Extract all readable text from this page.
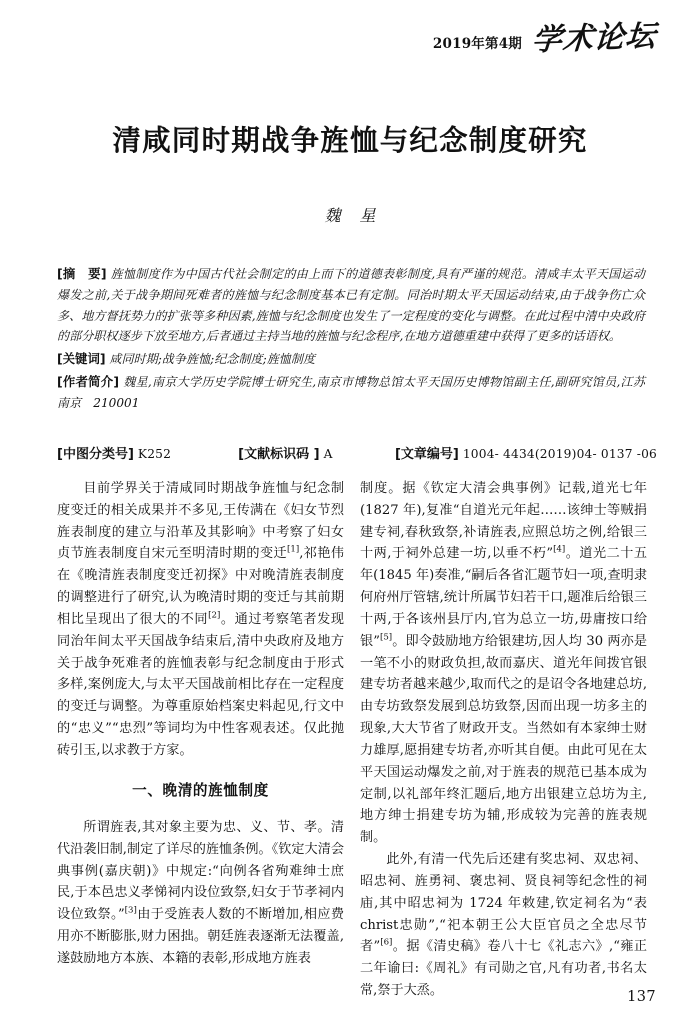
2019年第4期 学术论坛
清咸同时期战争旌恤与纪念制度研究
魏 星

[摘　要] 旌恤制度作为中国古代社会制定的由上而下的道德表彰制度,具有严谨的规范。清咸丰太平天国运动爆发之前,关于战争期间死难者的旌恤与纪念制度基本已有定制。同治时期太平天国运动结束,由于战争伤亡众多、地方督抚势力的扩张等多种因素,旌恤与纪念制度也发生了一定程度的变化与调整。在此过程中清中央政府的部分职权逐步下放至地方,后者通过主持当地的旌恤与纪念程序,在地方道德重建中获得了更多的话语权。

[关键词] 咸同时期;战争旌恤;纪念制度;旌恤制度

[作者简介] 魏星,南京大学历史学院博士研究生,南京市博物总馆太平天国历史博物馆副主任,副研究馆员,江苏　南京　210001

[中图分类号] K252	[文献标识码 ] A	[文章编号] 1004- 4434(2019)04- 0137 -06

目前学界关于清咸同时期战争旌恤与纪念制度变迁的相关成果并不多见,王传满在《妇女节烈旌表制度的建立与沿革及其影响》中考察了妇女贞节旌表制度自宋元至明清时期的变迁[1],祁艳伟在《晚清旌表制度变迁初探》中对晚清旌表制度的调整进行了研究,认为晚清时期的变迁与其前期相比呈现出了很大的不同[2]。通过考察笔者发现同治年间太平天国战争结束后,清中央政府及地方关于战争死难者的旌恤表彰与纪念制度由于形式多样,案例庞大,与太平天国战前相比存在一定程度的变迁与调整。为尊重原始档案史料起见,行文中的“忠义”“忠烈”等词均为中性客观表述。仅此抛砖引玉,以求教于方家。

一、晚清的旌恤制度

所谓旌表,其对象主要为忠、义、节、孝。清代沿袭旧制,制定了详尽的旌恤条例。《钦定大清会典事例(嘉庆朝)》中规定:“向例各省殉难绅士庶民,于本邑忠义孝悌祠内设位致祭,妇女于节孝祠内设位致祭。”[3]由于受旌表人数的不断增加,相应费用亦不断膨胀,财力困拙。朝廷旌表逐渐无法覆盖,遂鼓励地方本族、本籍的表彰,形成地方旌表

制度。据《钦定大清会典事例》记载,道光七年(1827 年),复准“自道光元年起……该绅士等贼捐建专祠,春秋致祭,补请旌表,应照总坊之例,给银三十两,于祠外总建一坊,以垂不朽”[4]。道光二十五年(1845 年)奏准,“嗣后各省汇题节妇一项,查明隶何府州厅管辖,统计所属节妇若干口,题准后给银三十两,于各该州县厅内,官为总立一坊,毋庸按口给银”[5]。即令鼓励地方给银建坊,因人均 30 两亦是一笔不小的财政负担,故而嘉庆、道光年间拨官银建专坊者越来越少,取而代之的是诏令各地建总坊,由专坊致祭发展到总坊致祭,因而出现一坊多主的现象,大大节省了财政开支。当然如有本家绅士财力雄厚,愿捐建专坊者,亦听其自便。由此可见在太平天国运动爆发之前,对于旌表的规范已基本成为定制,以礼部年终汇题后,地方出银建立总坊为主,地方绅士捐建专坊为辅,形成较为完善的旌表规制。

此外,有清一代先后还建有奖忠祠、双忠祠、昭忠祠、旌勇祠、褒忠祠、贤良祠等纪念性的祠庙,其中昭忠祠为 1724 年敕建,钦定祠名为“表christ忠勋”,“祀本朝王公大臣官员之全忠尽节者”[6]。据《清史稿》卷八十七《礼志六》,“雍正二年谕曰:《周礼》有司勋之官,凡有功者,书名太常,祭于大烝。	137
